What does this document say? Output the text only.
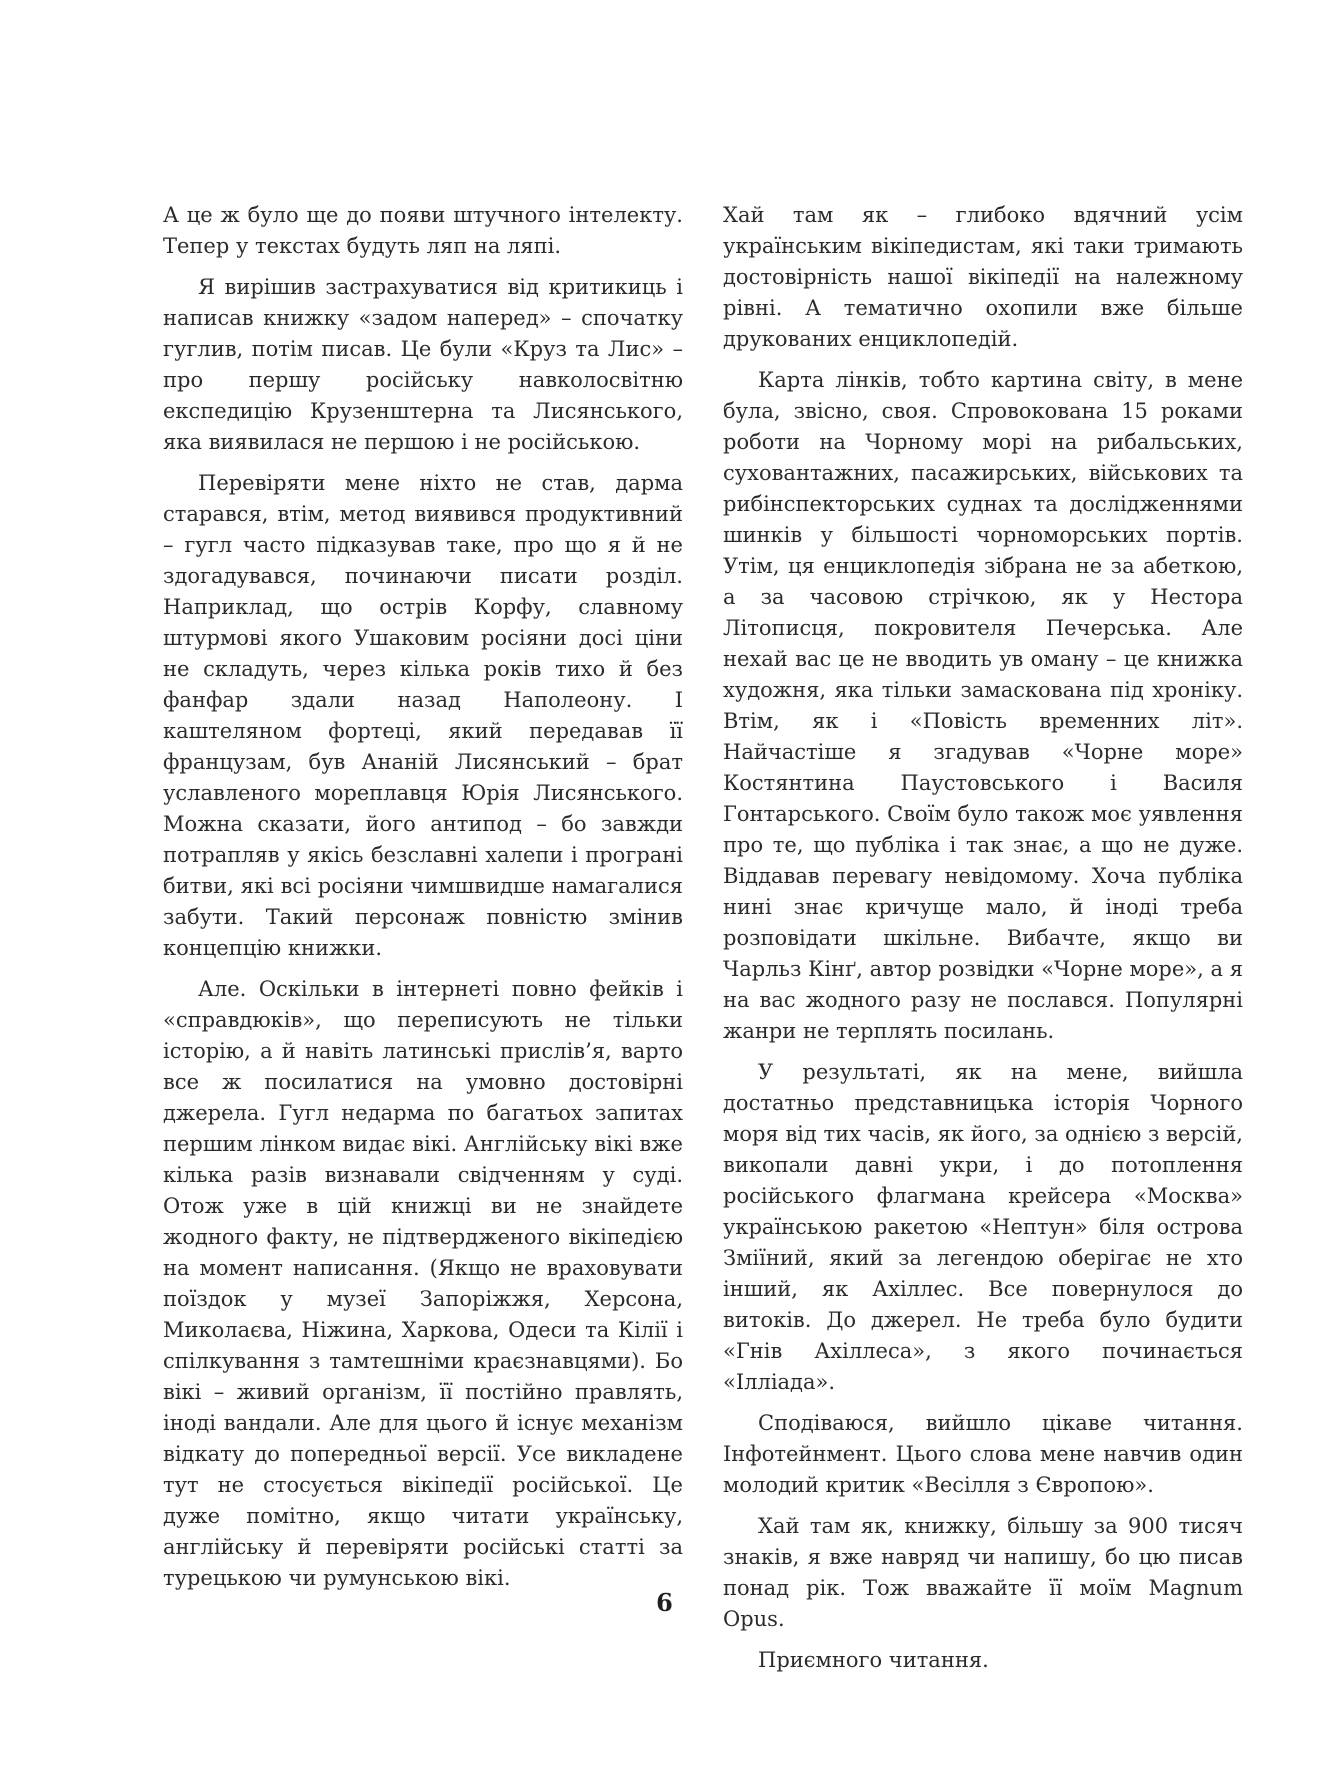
А це ж було ще до появи штучного інтелекту. Тепер у текстах будуть ляп на ляпі.

Я вирішив застрахуватися від критикиць і написав книжку «задом наперед» – спочатку гуглив, потім писав. Це були «Круз та Лис» – про першу російську навколосвітню експедицію Крузенштерна та Лисянського, яка виявилася не першою і не російською.

Перевіряти мене ніхто не став, дарма старався, втім, метод виявився продуктивний – гугл часто підказував таке, про що я й не здогадувався, починаючи писати розділ. Наприклад, що острів Корфу, славному штурмові якого Ушаковим росіяни досі ціни не складуть, через кілька років тихо й без фанфар здали назад Наполеону. І каштеляном фортеці, який передавав її французам, був Ананій Лисянський – брат уславленого мореплавця Юрія Лисянського. Можна сказати, його антипод – бо завжди потрапляв у якісь безславні халепи і програні битви, які всі росіяни чимшвидше намагалися забути. Такий персонаж повністю змінив концепцію книжки.

Але. Оскільки в інтернеті повно фейків і «справдюків», що переписують не тільки історію, а й навіть латинські прислів’я, варто все ж посилатися на умовно достовірні джерела. Гугл недарма по багатьох запитах першим лінком видає вікі. Англійську вікі вже кілька разів визнавали свідченням у суді. Отож уже в цій книжці ви не знайдете жодного факту, не підтвердженого вікіпедією на момент написання. (Якщо не враховувати поїздок у музеї Запоріжжя, Херсона, Миколаєва, Ніжина, Харкова, Одеси та Кілії і спілкування з тамтешніми краєзнавцями). Бо вікі – живий організм, її постійно правлять, іноді вандали. Але для цього й існує механізм відкату до попередньої версії. Усе викладене тут не стосується вікіпедії російської. Це дуже помітно, якщо читати українську, англійську й перевіряти російські статті за турецькою чи румунською вікі.

Хай там як – глибоко вдячний усім українським вікіпедистам, які таки тримають достовірність нашої вікіпедії на належному рівні. А тематично охопили вже більше друкованих енциклопедій.

Карта лінків, тобто картина світу, в мене була, звісно, своя. Спровокована 15 роками роботи на Чорному морі на рибальських, суховантажних, пасажирських, військових та рибінспекторських суднах та дослідженнями шинків у більшості чорноморських портів. Утім, ця енциклопедія зібрана не за абеткою, а за часовою стрічкою, як у Нестора Літописця, покровителя Печерська. Але нехай вас це не вводить ув оману – це книжка художня, яка тільки замаскована під хроніку. Втім, як і «Повість временних літ». Найчастіше я згадував «Чорне море» Костянтина Паустовського і Василя Гонтарського. Своїм було також моє уявлення про те, що публіка і так знає, а що не дуже. Віддавав перевагу невідомому. Хоча публіка нині знає кричуще мало, й іноді треба розповідати шкільне. Вибачте, якщо ви Чарльз Кінґ, автор розвідки «Чорне море», а я на вас жодного разу не послався. Популярні жанри не терплять посилань.

У результаті, як на мене, вийшла достатньо представницька історія Чорного моря від тих часів, як його, за однією з версій, викопали давні укри, і до потоплення російського флагмана крейсера «Москва» українською ракетою «Нептун» біля острова Зміїний, який за легендою оберігає не хто інший, як Ахіллес. Все повернулося до витоків. До джерел. Не треба було будити «Гнів Ахіллеса», з якого починається «Ілліада».

Сподіваюся, вийшло цікаве читання. Інфотейнмент. Цього слова мене навчив один молодий критик «Весілля з Європою».

Хай там як, книжку, більшу за 900 тисяч знаків, я вже навряд чи напишу, бо цю писав понад рік. Тож вважайте її моїм Magnum Opus.

Приємного читання.

6
